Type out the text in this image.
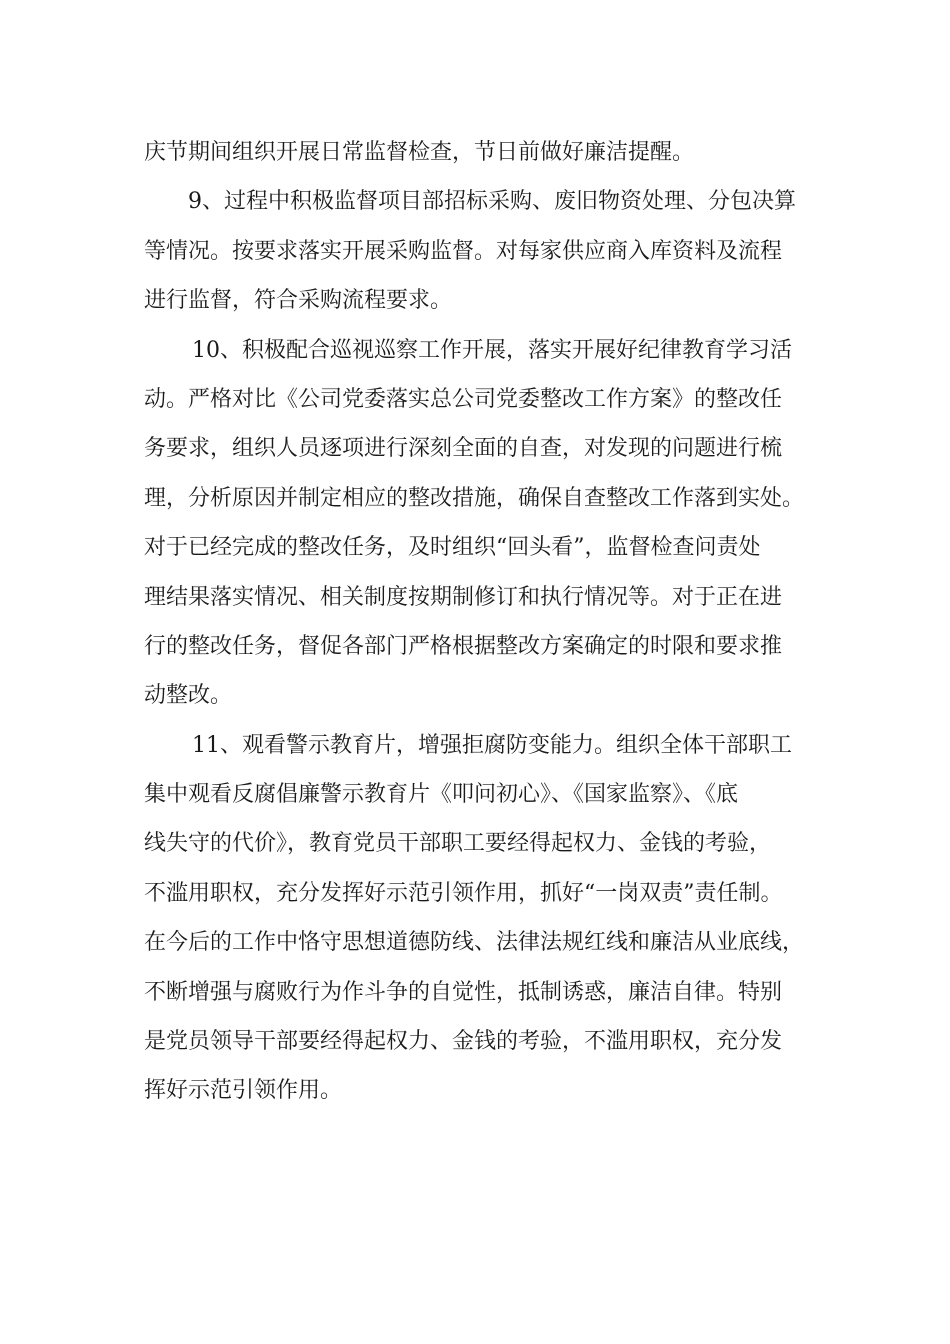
庆节期间组织开展日常监督检查，节日前做好廉洁提醒。
9、过程中积极监督项目部招标采购、废旧物资处理、分包决算
等情况。按要求落实开展采购监督。对每家供应商入库资料及流程
进行监督，符合采购流程要求。
10、积极配合巡视巡察工作开展，落实开展好纪律教育学习活
动。严格对比《公司党委落实总公司党委整改工作方案》的整改任
务要求，组织人员逐项进行深刻全面的自查，对发现的问题进行梳
理，分析原因并制定相应的整改措施，确保自查整改工作落到实处。
对于已经完成的整改任务，及时组织“回头看”，监督检查问责处
理结果落实情况、相关制度按期制修订和执行情况等。对于正在进
行的整改任务，督促各部门严格根据整改方案确定的时限和要求推
动整改。
11、观看警示教育片，增强拒腐防变能力。组织全体干部职工
集中观看反腐倡廉警示教育片《叩问初心》、《国家监察》、《底
线失守的代价》，教育党员干部职工要经得起权力、金钱的考验，
不滥用职权，充分发挥好示范引领作用，抓好“一岗双责”责任制。
在今后的工作中恪守思想道德防线、法律法规红线和廉洁从业底线，
不断增强与腐败行为作斗争的自觉性，抵制诱惑，廉洁自律。特别
是党员领导干部要经得起权力、金钱的考验，不滥用职权，充分发
挥好示范引领作用。
